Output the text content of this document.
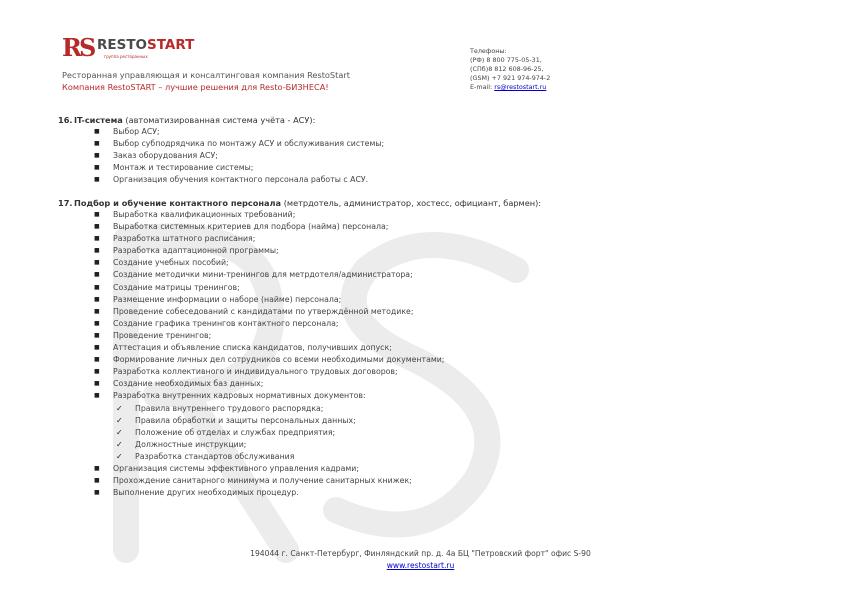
RS RESTOSTART
группа ресторанных
Ресторанная управляющая и консалтинговая компания RestoStart
Компания RestoSTART – лучшие решения для Resto-БИЗНЕСА!
Телефоны:
(РФ) 8 800 775-05-31,
(СПб)8 812 608-96-25,
(GSM) +7 921 974-974-2
E-mail: rs@restostart.ru
16.IT-система (автоматизированная система учёта - АСУ):
■ Выбор АСУ;
■ Выбор субподрядчика по монтажу АСУ и обслуживания системы;
■ Заказ оборудования АСУ;
■ Монтаж и тестирование системы;
■ Организация обучения контактного персонала работы с АСУ.
17.Подбор и обучение контактного персонала (метрдотель, администратор, хостесс, официант, бармен):
■ Выработка квалификационных требований;
■ Выработка системных критериев для подбора (найма) персонала;
■ Разработка штатного расписания;
■ Разработка адаптационной программы;
■ Создание учебных пособий;
■ Создание методички мини-тренингов для метрдотеля/администратора;
■ Создание матрицы тренингов;
■ Размещение информации о наборе (найме) персонала;
■ Проведение собеседований с кандидатами по утверждённой методике;
■ Создание графика тренингов контактного персонала;
■ Проведение тренингов;
■ Аттестация и объявление списка кандидатов, получивших допуск;
■ Формирование личных дел сотрудников со всеми необходимыми документами;
■ Разработка коллективного и индивидуального трудовых договоров;
■ Создание необходимых баз данных;
■ Разработка внутренних кадровых нормативных документов:
✓ Правила внутреннего трудового распорядка;
✓ Правила обработки и защиты персональных данных;
✓ Положение об отделах и службах предприятия;
✓ Должностные инструкции;
✓ Разработка стандартов обслуживания
■ Организация системы эффективного управления кадрами;
■ Прохождение санитарного минимума и получение санитарных книжек;
■ Выполнение других необходимых процедур.
194044 г. Санкт-Петербург, Финляндский пр. д. 4а БЦ "Петровский форт" офис S-90
www.restostart.ru
